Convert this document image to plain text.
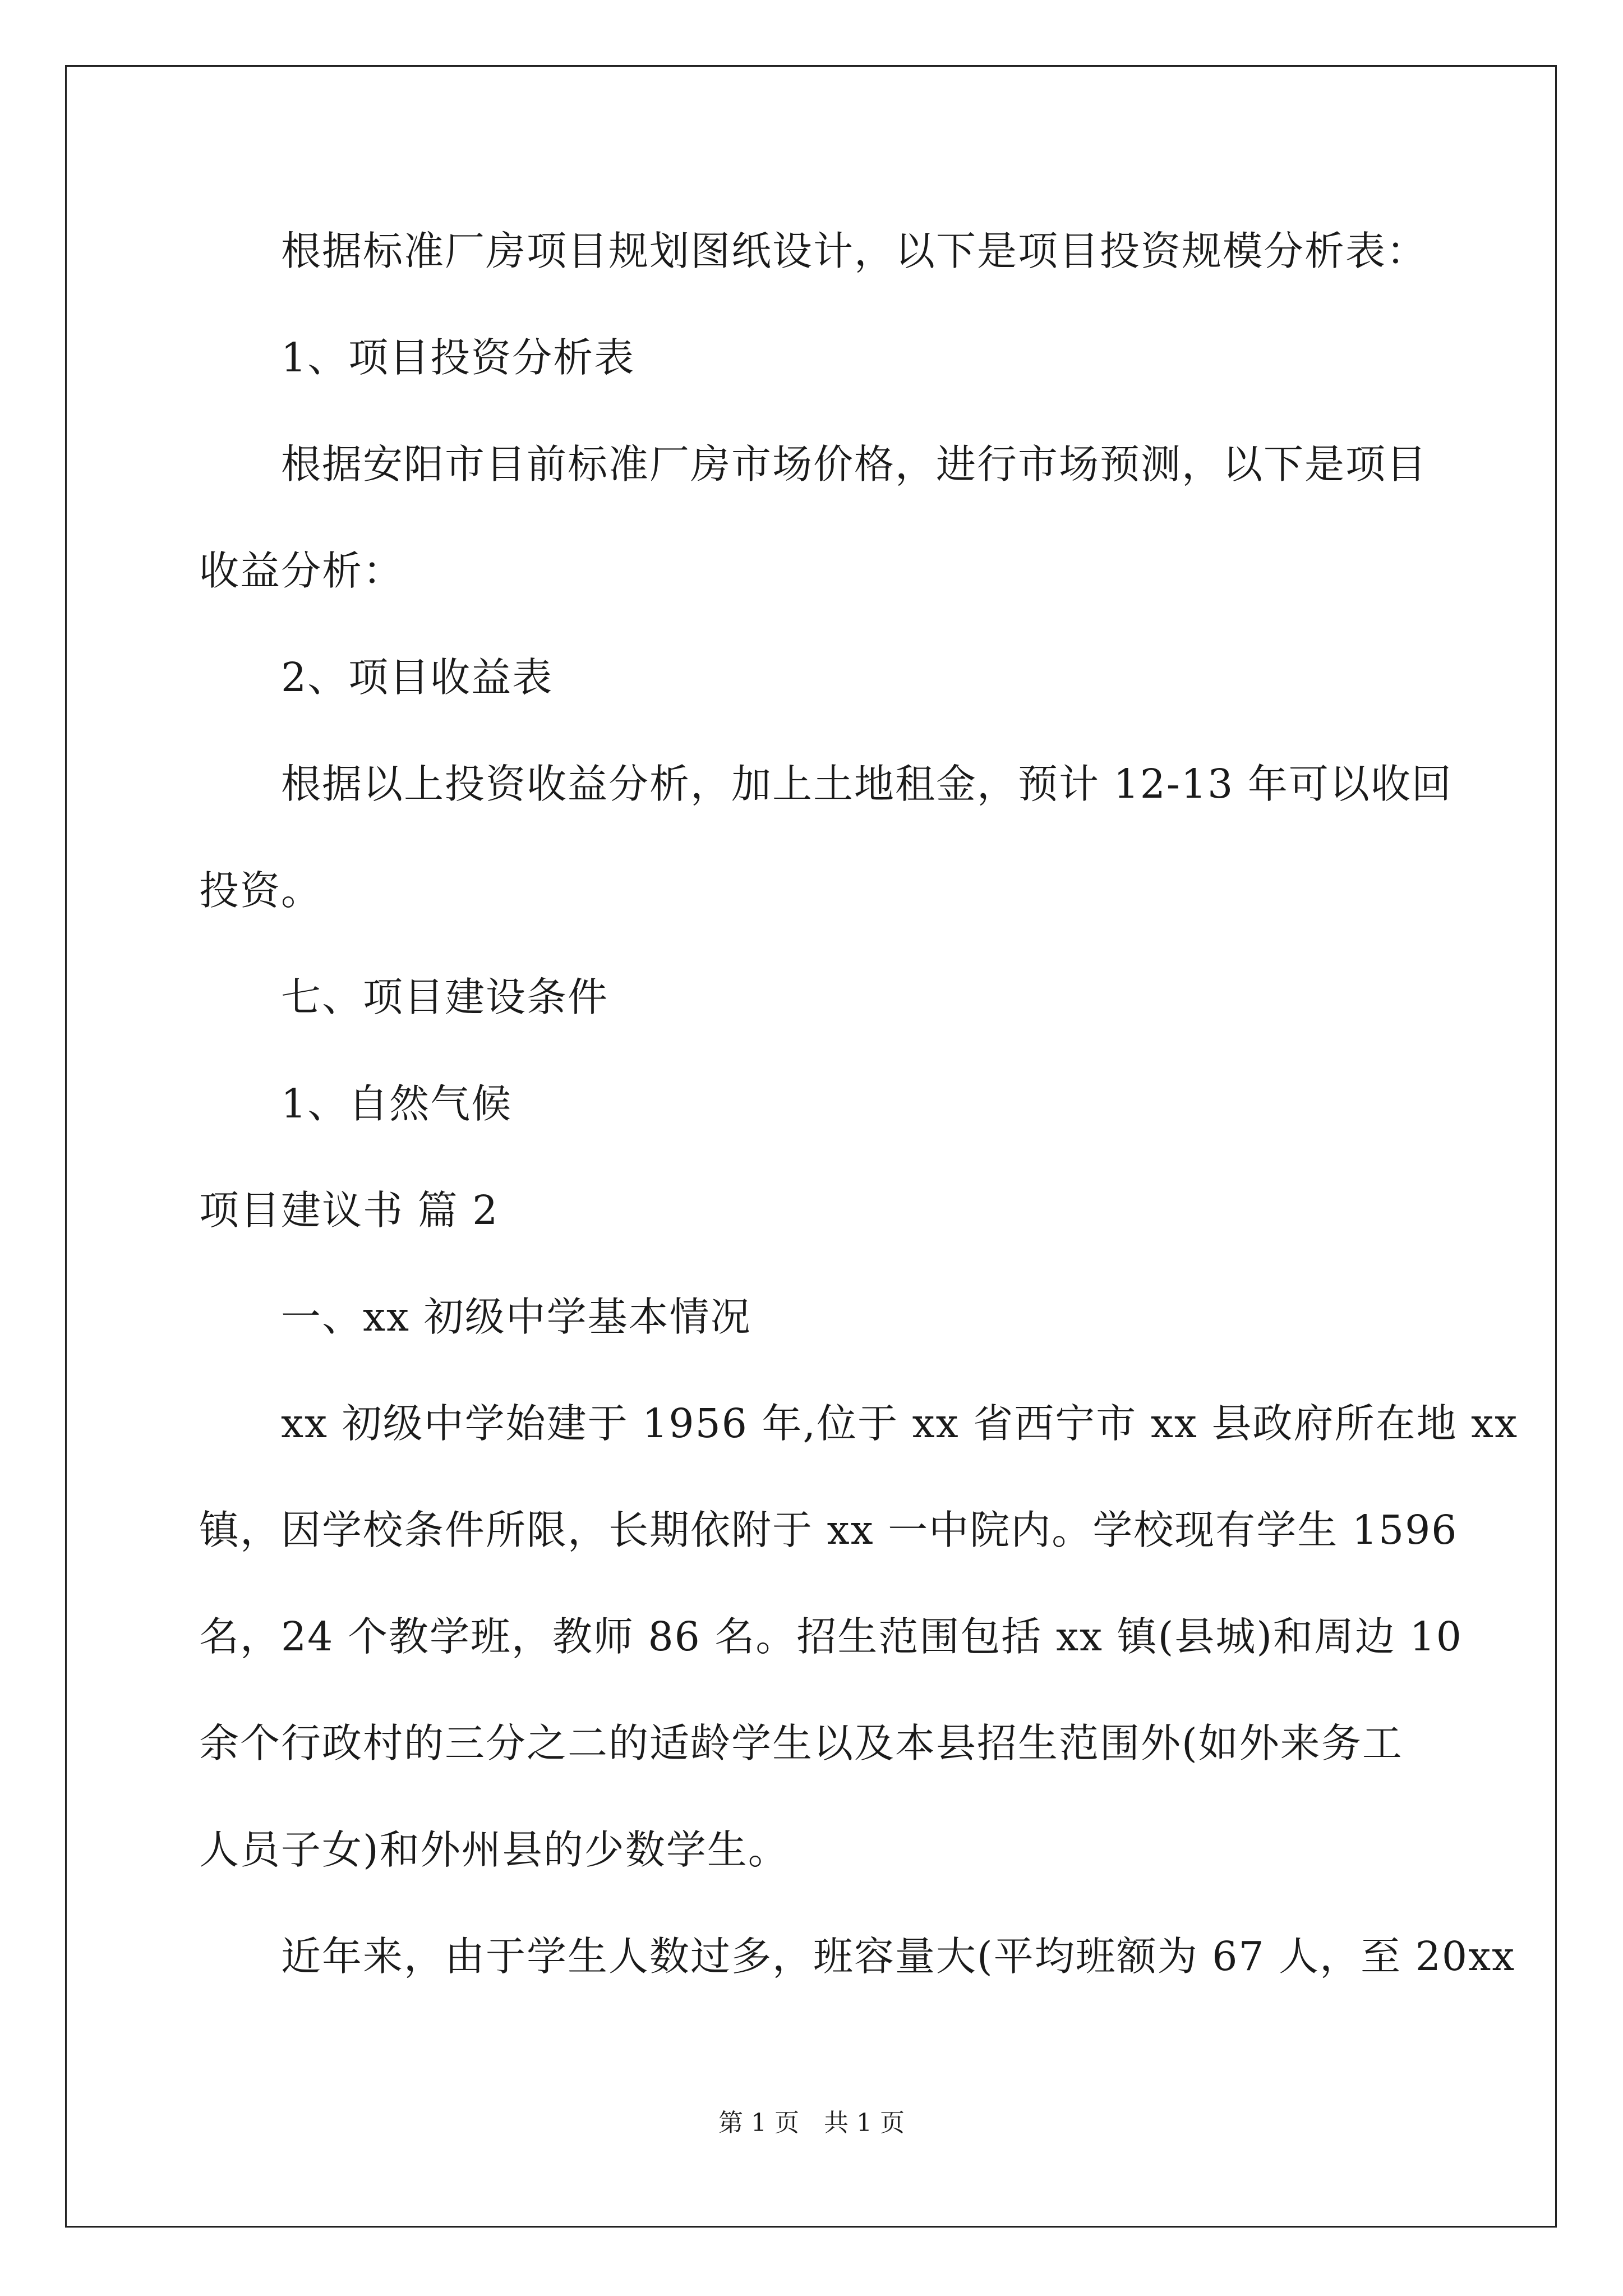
根据标准厂房项目规划图纸设计，以下是项目投资规模分析表：
1、项目投资分析表
根据安阳市目前标准厂房市场价格，进行市场预测，以下是项目
收益分析：
2、项目收益表
根据以上投资收益分析，加上土地租金，预计 12-13 年可以收回
投资。
七、项目建设条件
1、自然气候
项目建议书 篇 2
一、xx 初级中学基本情况
xx 初级中学始建于 1956 年,位于 xx 省西宁市 xx 县政府所在地 xx
镇，因学校条件所限，长期依附于 xx 一中院内。学校现有学生 1596
名，24 个教学班，教师 86 名。招生范围包括 xx 镇(县城)和周边 10
余个行政村的三分之二的适龄学生以及本县招生范围外(如外来务工
人员子女)和外州县的少数学生。
近年来，由于学生人数过多，班容量大(平均班额为 67 人，至 20xx
第 1 页　共 1 页
